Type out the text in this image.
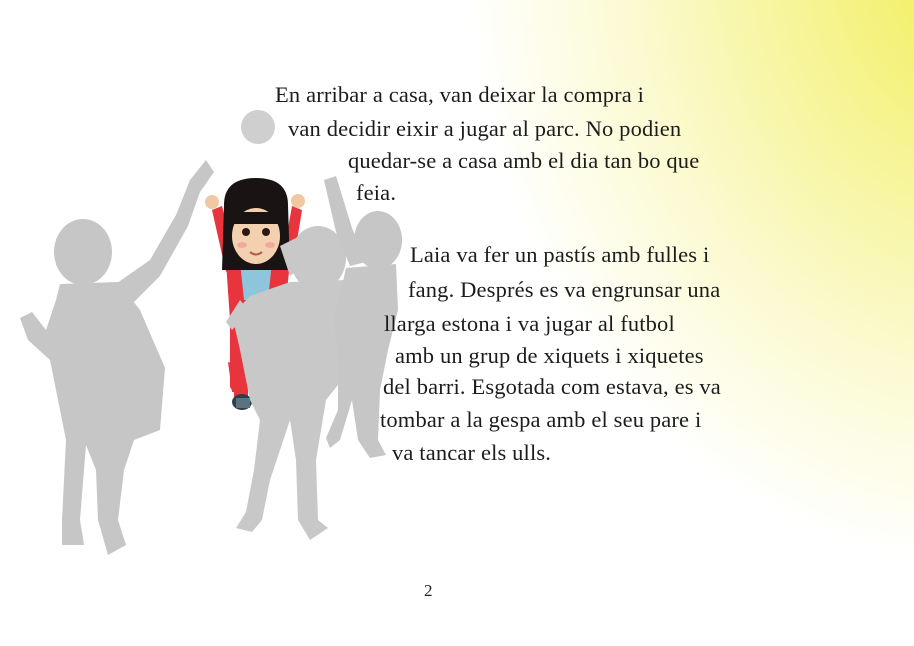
En arribar a casa, van deixar la compra i

van decidir eixir a jugar al parc. No podien

quedar-se a casa amb el dia tan bo que

feia.

Laia va fer un pastís amb fulles i

fang. Després es va engrunsar una

llarga estona i va jugar al futbol

amb un grup de xiquets i xiquetes

del barri. Esgotada com estava, es va

tombar a la gespa amb el seu pare i

va tancar els ulls.

2
